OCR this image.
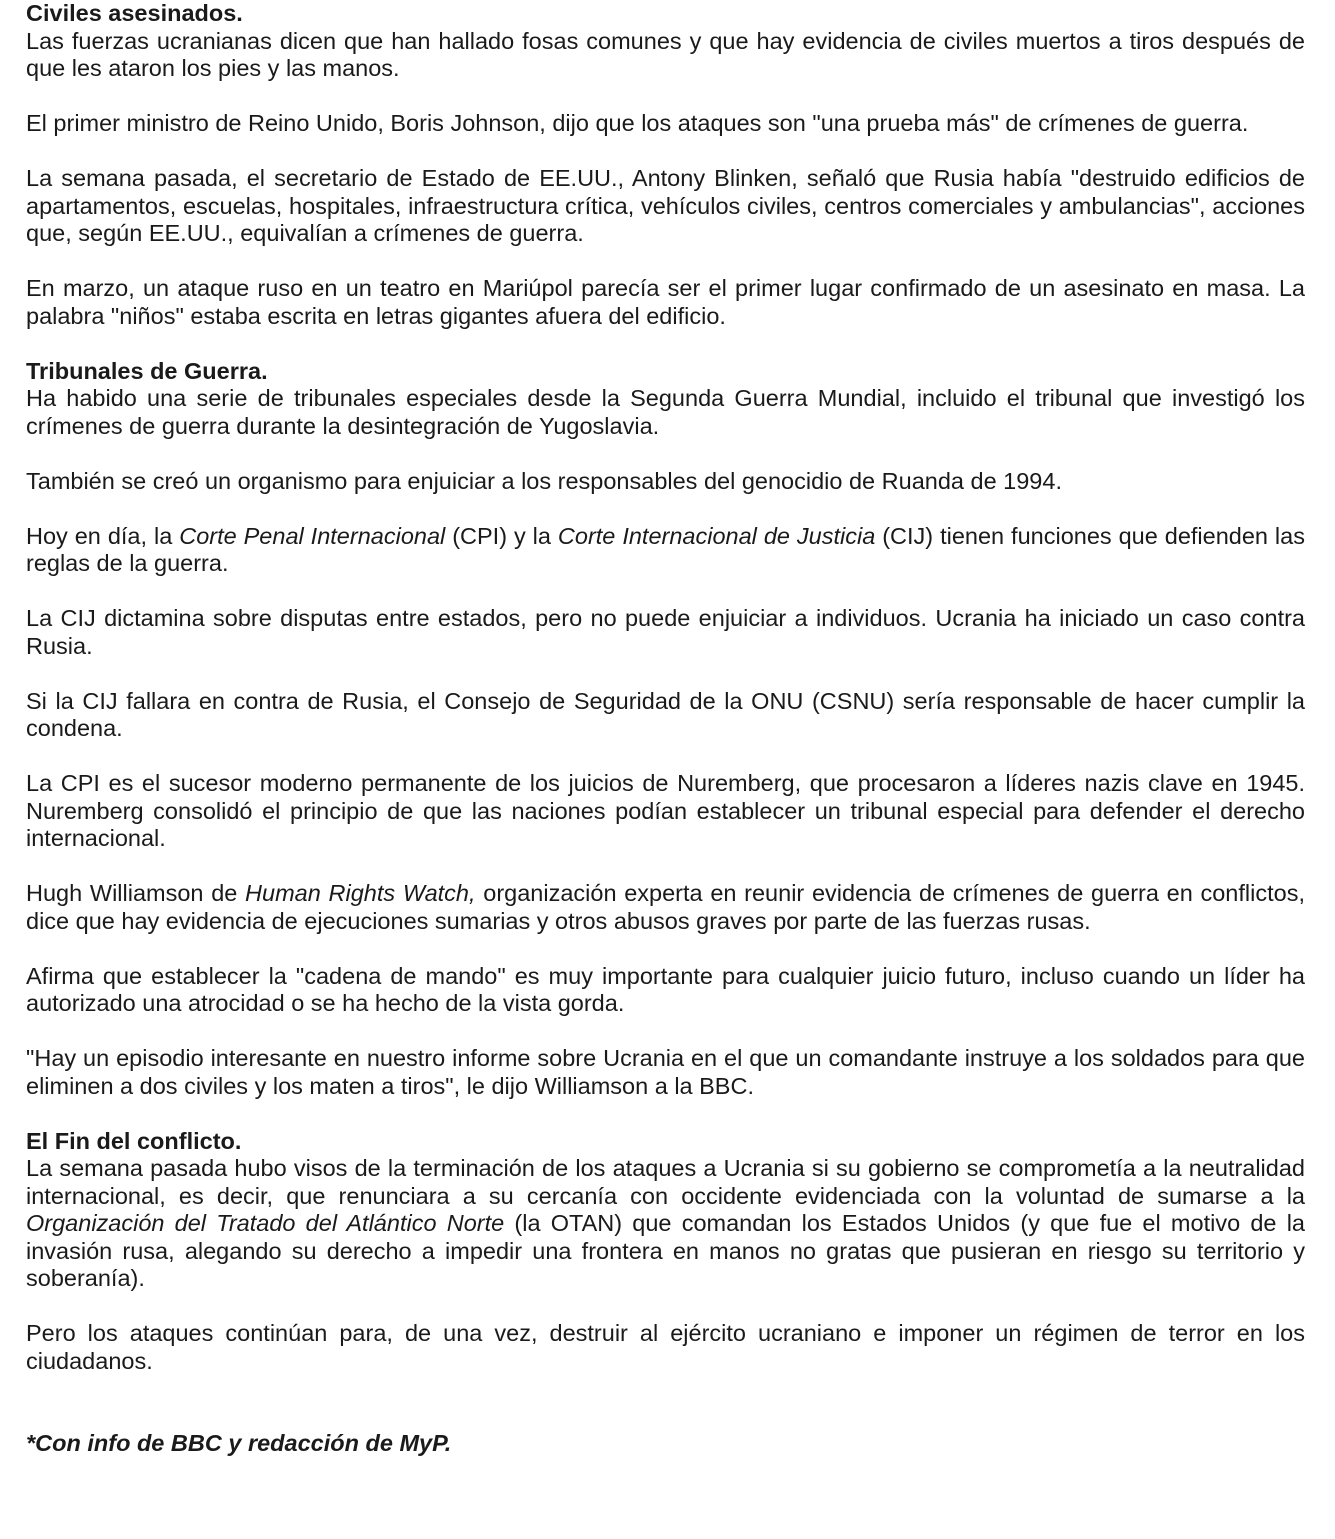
Civiles asesinados.

Las fuerzas ucranianas dicen que han hallado fosas comunes y que hay evidencia de civiles muertos a tiros después de que les ataron los pies y las manos.

El primer ministro de Reino Unido, Boris Johnson, dijo que los ataques son "una prueba más" de crímenes de guerra.

La semana pasada, el secretario de Estado de EE.UU., Antony Blinken, señaló que Rusia había "destruido edificios de apartamentos, escuelas, hospitales, infraestructura crítica, vehículos civiles, centros comerciales y ambulancias", acciones que, según EE.UU., equivalían a crímenes de guerra.

En marzo, un ataque ruso en un teatro en Mariúpol parecía ser el primer lugar confirmado de un asesinato en masa. La palabra "niños" estaba escrita en letras gigantes afuera del edificio.

Tribunales de Guerra.

Ha habido una serie de tribunales especiales desde la Segunda Guerra Mundial, incluido el tribunal que investigó los crímenes de guerra durante la desintegración de Yugoslavia.

También se creó un organismo para enjuiciar a los responsables del genocidio de Ruanda de 1994.

Hoy en día, la Corte Penal Internacional (CPI) y la Corte Internacional de Justicia (CIJ) tienen funciones que defienden las reglas de la guerra.

La CIJ dictamina sobre disputas entre estados, pero no puede enjuiciar a individuos. Ucrania ha iniciado un caso contra Rusia.

Si la CIJ fallara en contra de Rusia, el Consejo de Seguridad de la ONU (CSNU) sería responsable de hacer cumplir la condena.

La CPI es el sucesor moderno permanente de los juicios de Nuremberg, que procesaron a líderes nazis clave en 1945. Nuremberg consolidó el principio de que las naciones podían establecer un tribunal especial para defender el derecho internacional.

Hugh Williamson de Human Rights Watch, organización experta en reunir evidencia de crímenes de guerra en conflictos, dice que hay evidencia de ejecuciones sumarias y otros abusos graves por parte de las fuerzas rusas.

Afirma que establecer la "cadena de mando" es muy importante para cualquier juicio futuro, incluso cuando un líder ha autorizado una atrocidad o se ha hecho de la vista gorda.

"Hay un episodio interesante en nuestro informe sobre Ucrania en el que un comandante instruye a los soldados para que eliminen a dos civiles y los maten a tiros", le dijo Williamson a la BBC.

El Fin del conflicto.

La semana pasada hubo visos de la terminación de los ataques a Ucrania si su gobierno se comprometía a la neutralidad internacional, es decir, que renunciara a su cercanía con occidente evidenciada con la voluntad de sumarse a la Organización del Tratado del Atlántico Norte (la OTAN) que comandan los Estados Unidos (y que fue el motivo de la invasión rusa, alegando su derecho a impedir una frontera en manos no gratas que pusieran en riesgo su territorio y soberanía).

Pero los ataques continúan para, de una vez, destruir al ejército ucraniano e imponer un régimen de terror en los ciudadanos.

*Con info de BBC y redacción de MyP.
